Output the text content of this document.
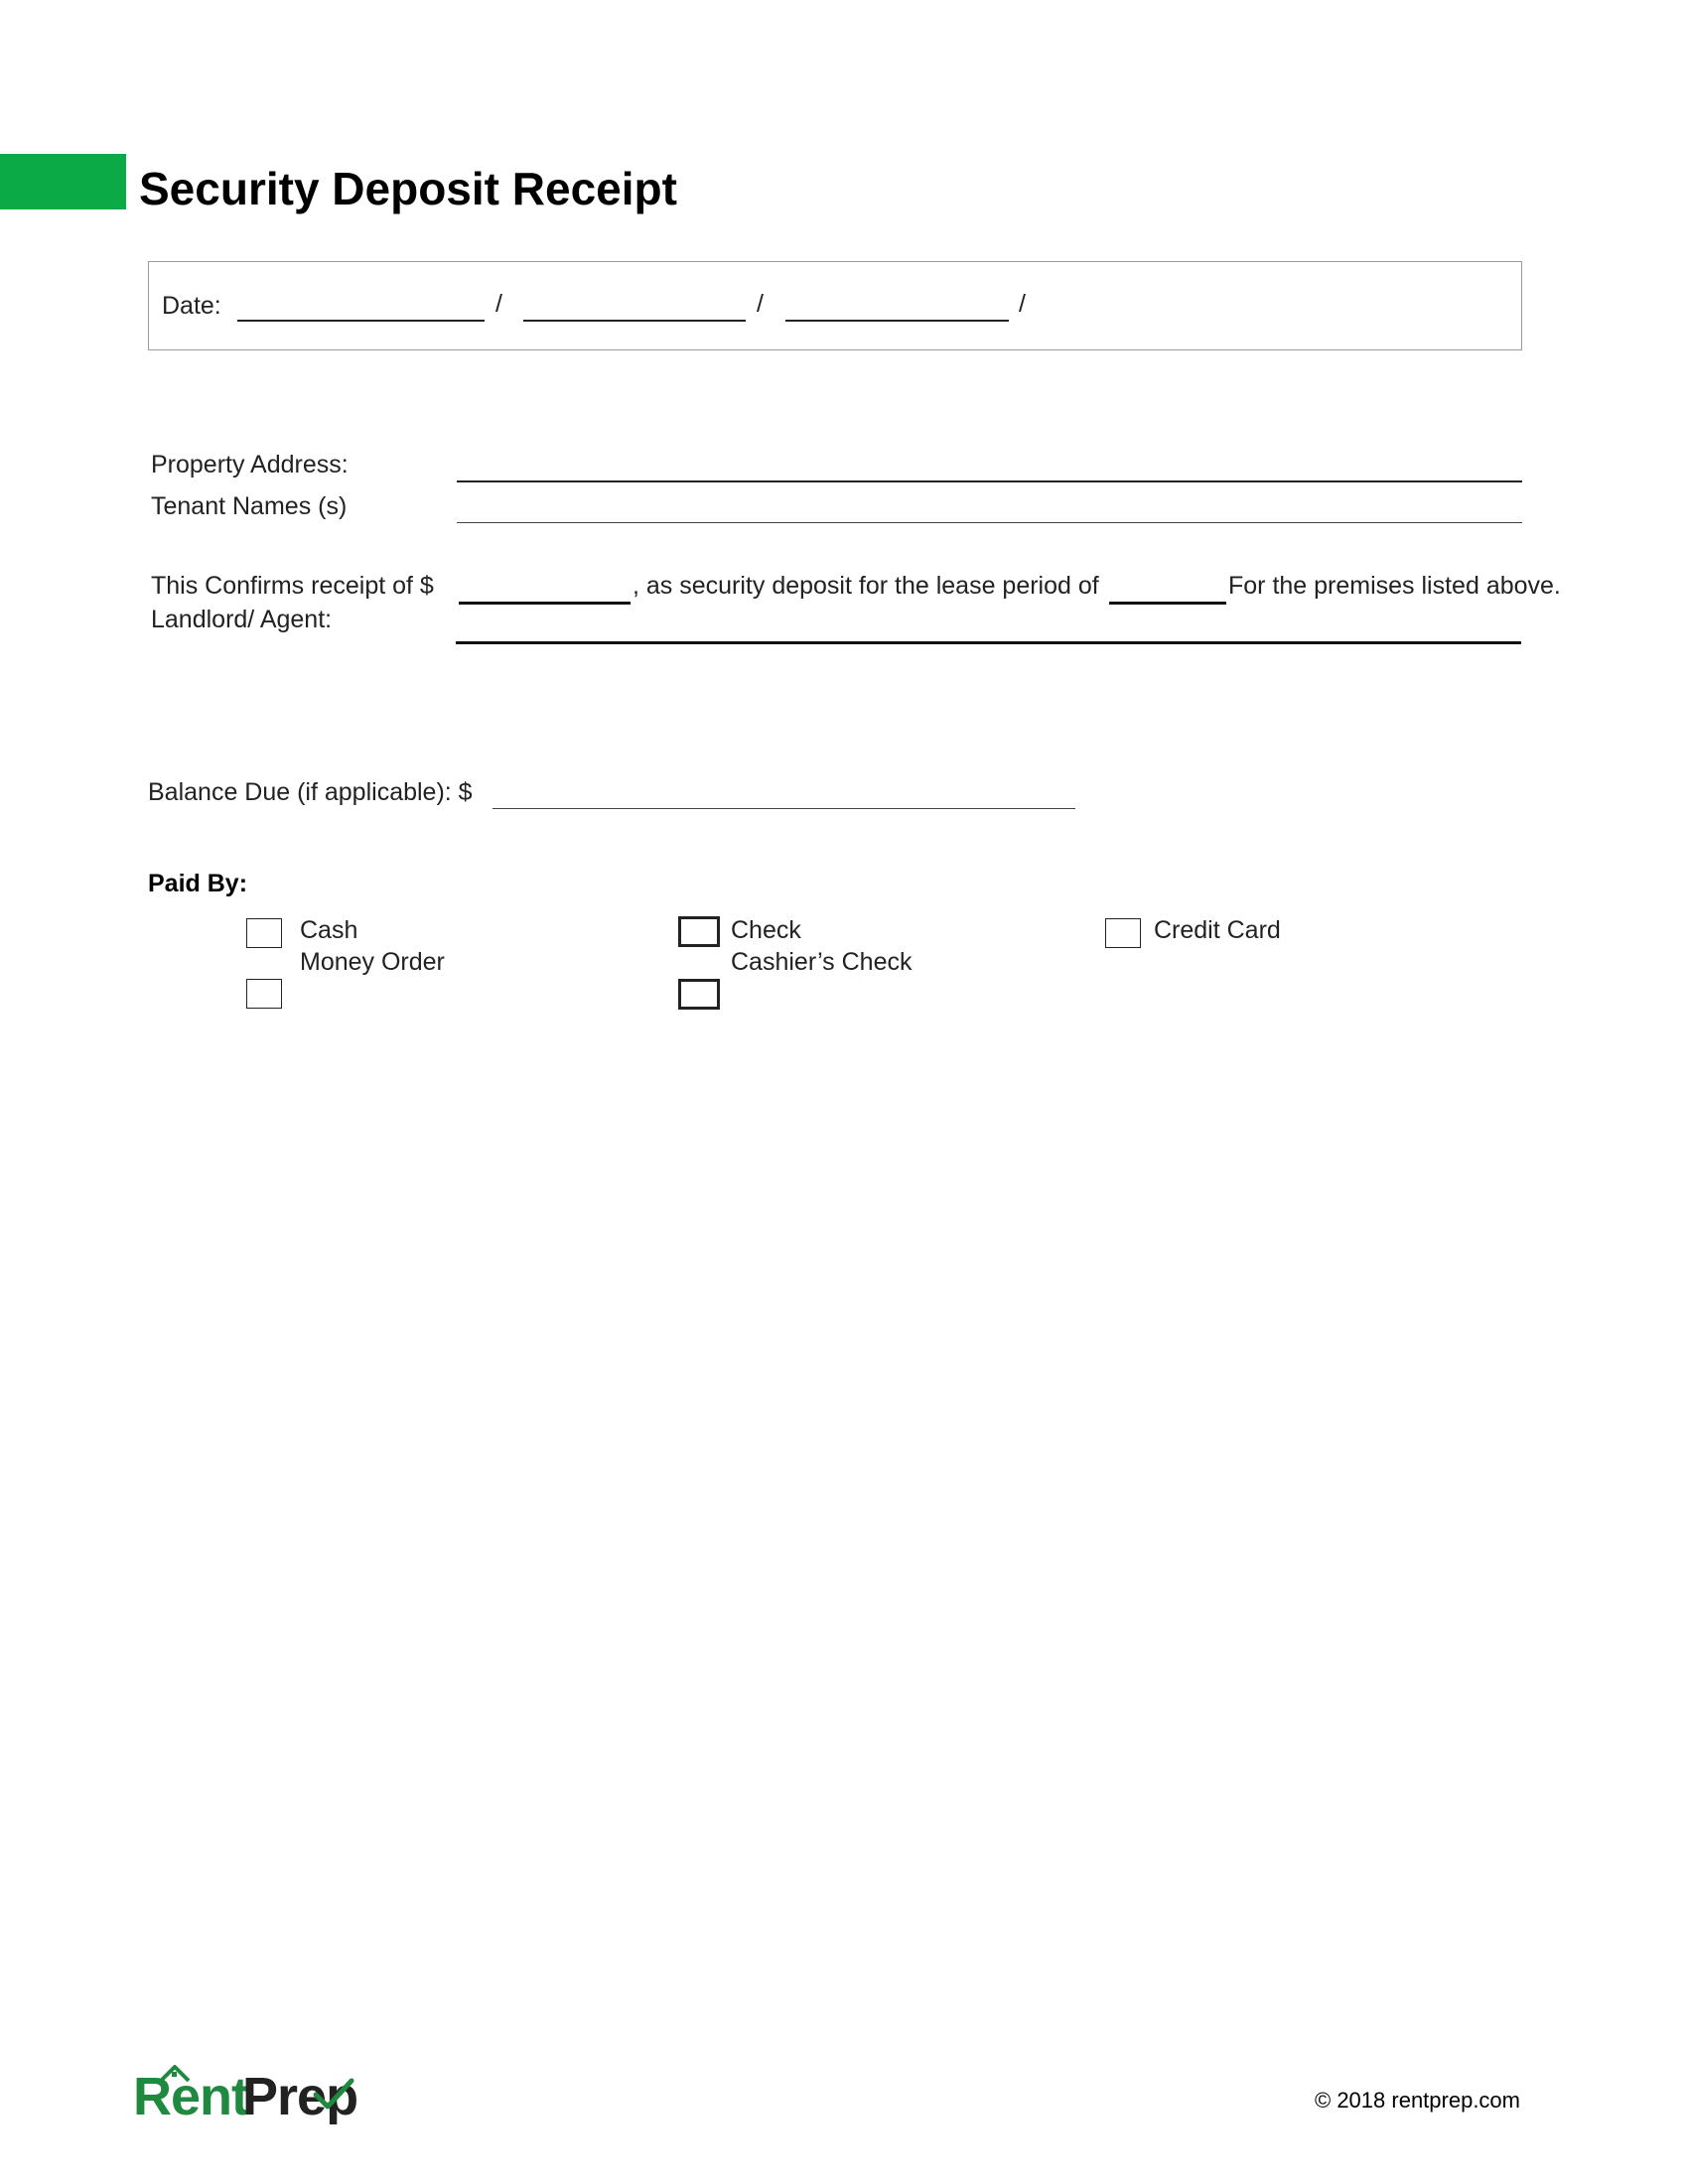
Security Deposit Receipt
Date:	/	/	/
Property Address:
Tenant Names (s)
This Confirms receipt of $	, as security deposit for the lease period of	For the premises listed above.
Landlord/ Agent:
Balance Due (if applicable): $
Paid By:
Cash
Money Order
Check
Cashier’s Check
Credit Card
Rent
Prep	© 2018 rentprep.com
